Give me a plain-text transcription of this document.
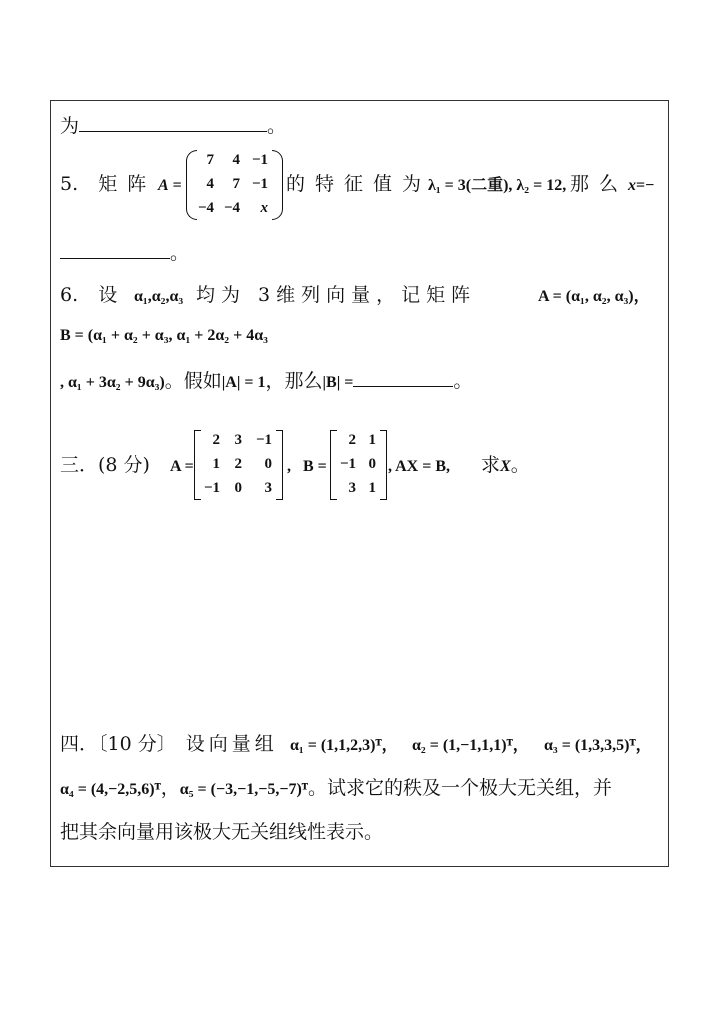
为	。
5. 矩阵 A =
7	4 −1
4	7 −1
−4 −4	x
的特征值为
λ₁ = 3(二重), λ₂ = 12, 那么 x=−
。
6. 设 α₁,α₂,α₃ 均为 3维列向量，记矩阵	A = (α₁, α₂, α₃)，
B = (α₁ + α₂ + α₃, α₁ + 2α₂ + 4α₃
, α₁ + 3α₂ + 9α₃)。假如|A| = 1，那么|B| =	。
三．(8 分) A =
2 3 −1
1 2	0
−1 0	3
, B =
2 1
−1 0
3 1
, AX = B, 求X。
四．〔10 分〕 设向量组 α₁ = (1,1,2,3)ᵀ， α₂ = (1,−1,1,1)ᵀ， α₃ = (1,3,3,5)ᵀ，
α₄ = (4,−2,5,6)ᵀ，α₅ = (−3,−1,−5,−7)ᵀ。试求它的秩及一个极大无关组，并
把其余向量用该极大无关组线性表示。
